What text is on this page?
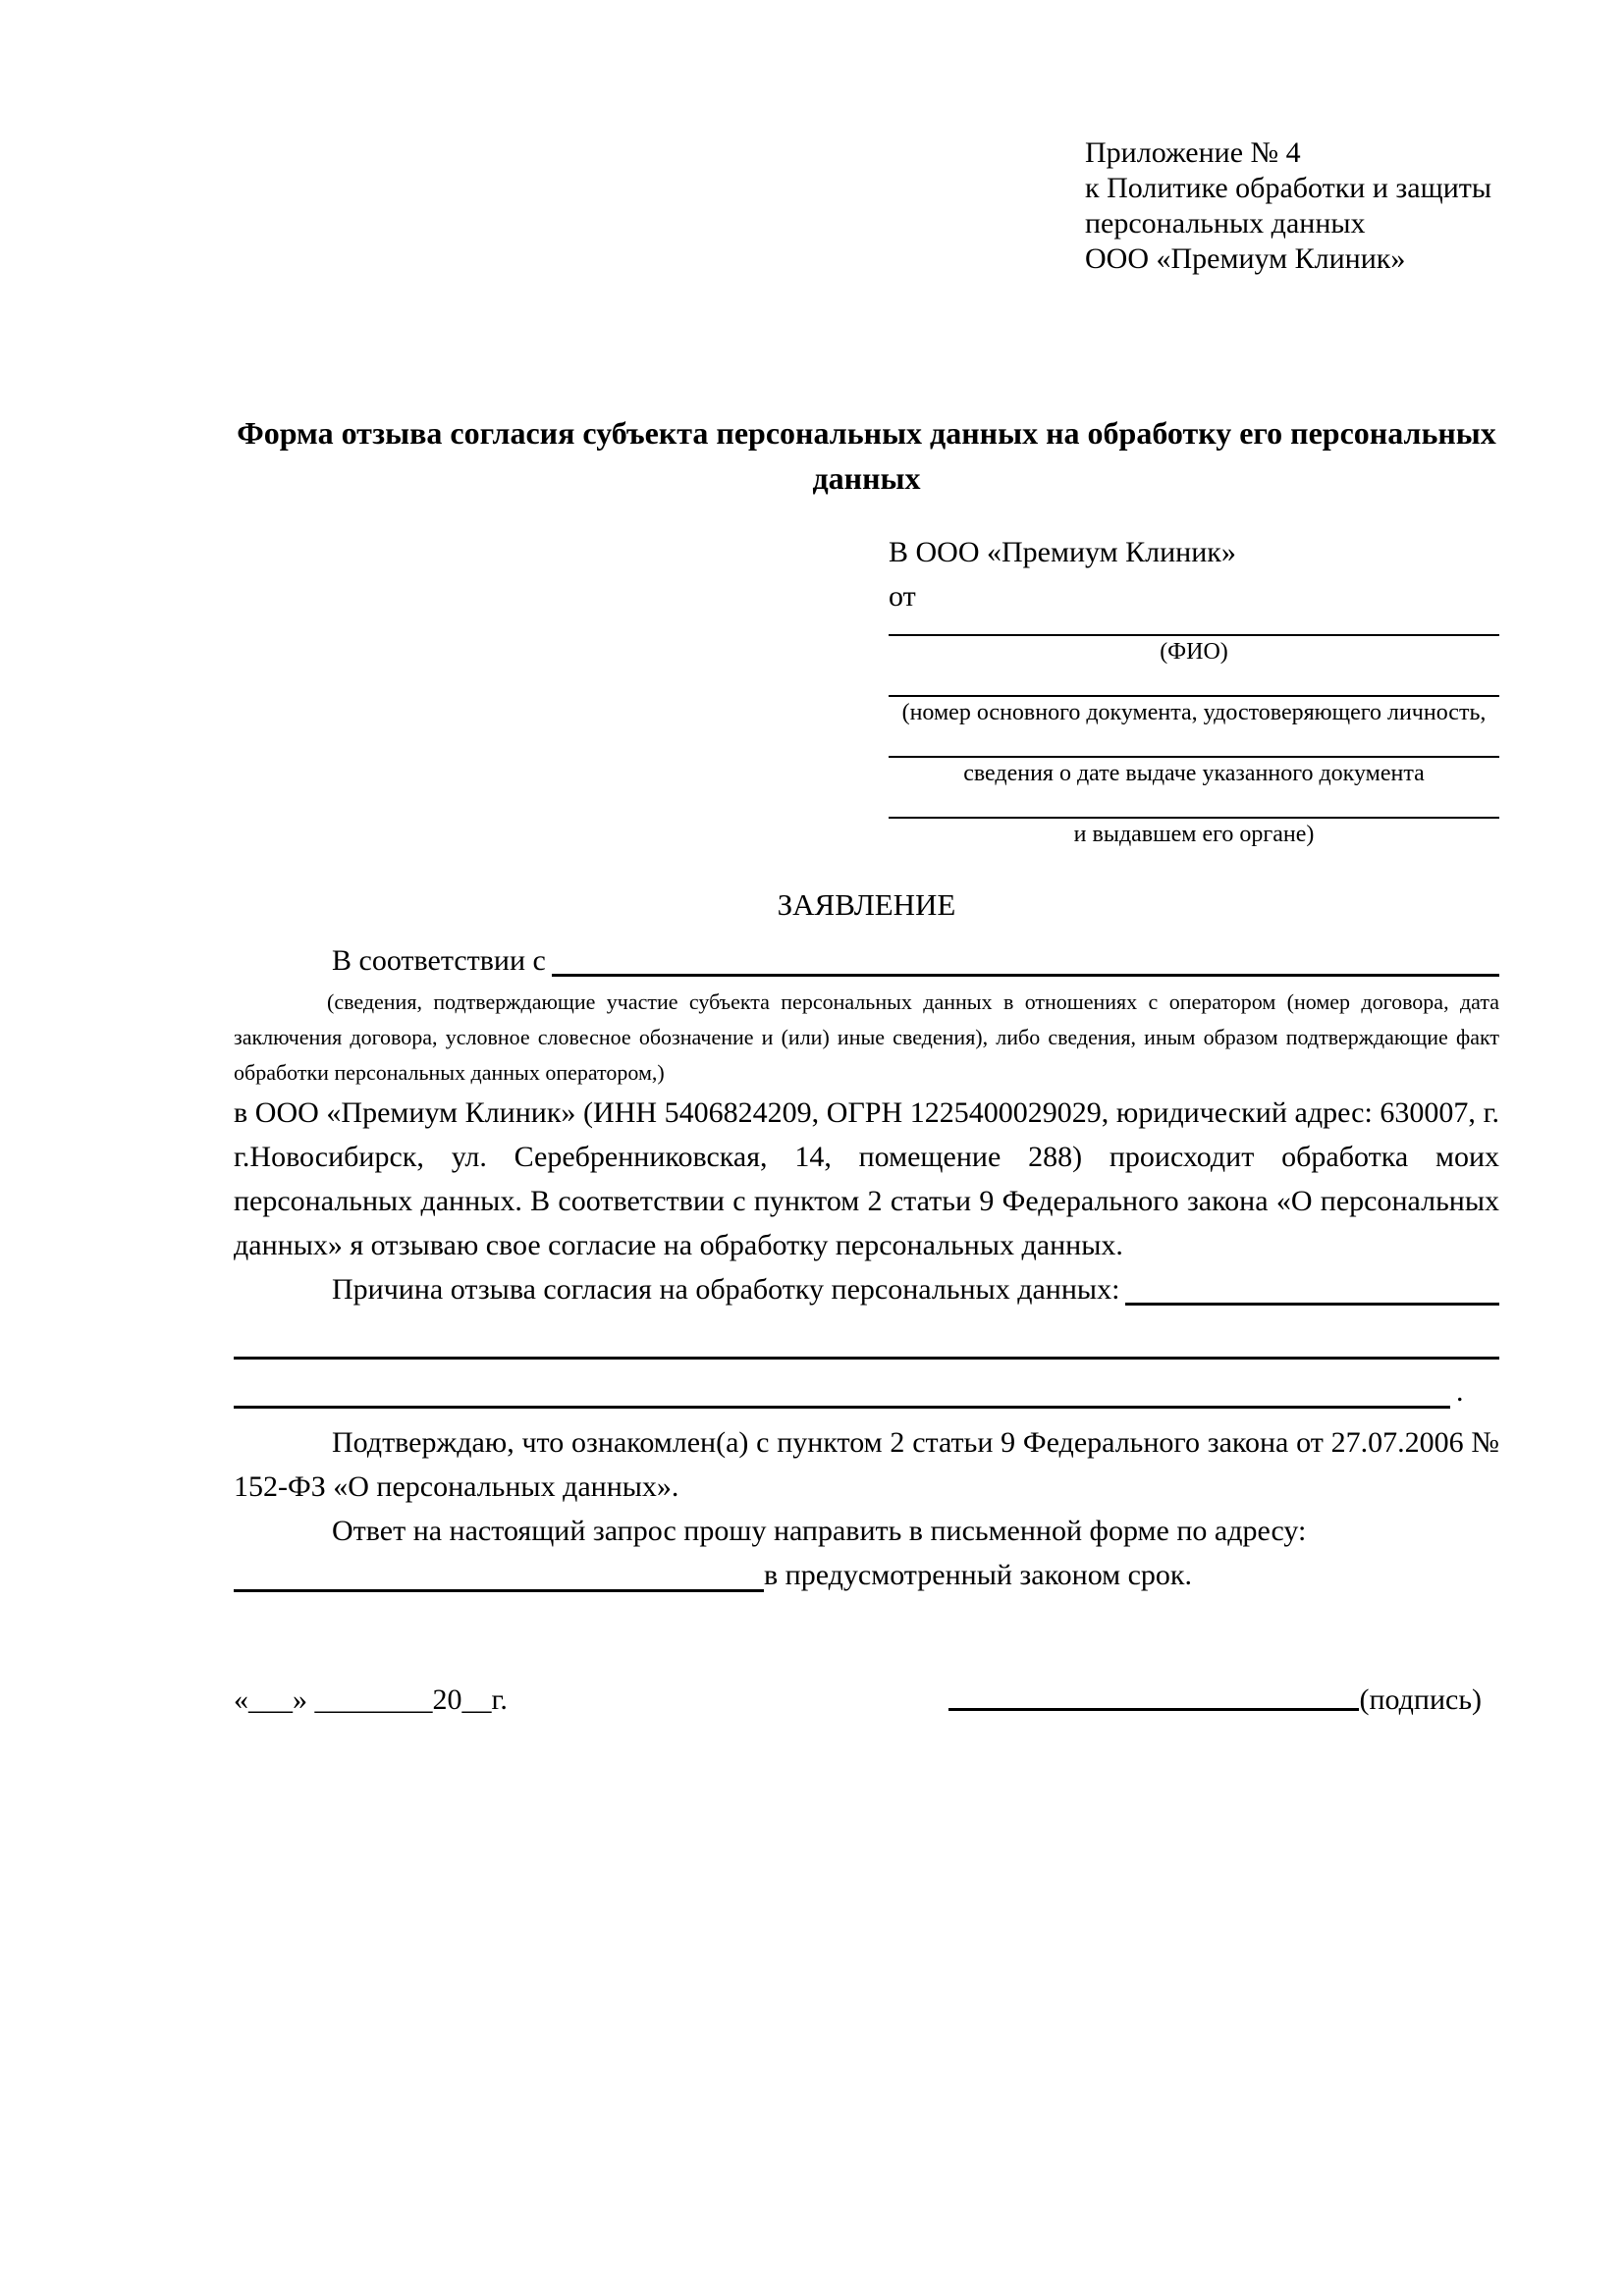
Приложение № 4
к Политике обработки и защиты
персональных данных
ООО «Премиум Клиник»
Форма отзыва согласия субъекта персональных данных на обработку его персональных данных
В ООО «Премиум Клиник»
от
(ФИО)
(номер основного документа, удостоверяющего личность,
сведения о дате выдаче указанного документа
и выдавшем его органе)
ЗАЯВЛЕНИЕ
В соответствии с
(сведения, подтверждающие участие субъекта персональных данных в отношениях с оператором (номер договора, дата заключения договора, условное словесное обозначение и (или) иные сведения), либо сведения, иным образом подтверждающие факт обработки персональных данных оператором,)

в ООО «Премиум Клиник» (ИНН 5406824209, ОГРН 1225400029029, юридический адрес: 630007, г. г.Новосибирск, ул. Серебренниковская, 14, помещение 288) происходит обработка моих персональных данных. В соответствии с пунктом 2 статьи 9 Федерального закона «О персональных данных» я отзываю свое согласие на обработку персональных данных.

Причина отзыва согласия на обработку персональных данных:
.

Подтверждаю, что ознакомлен(а) с пунктом 2 статьи 9 Федерального закона от 27.07.2006 № 152-ФЗ «О персональных данных».

Ответ на настоящий запрос прошу направить в письменной форме по адресу:

в предусмотренный законом срок.
«___» ________20__г.	(подпись)
